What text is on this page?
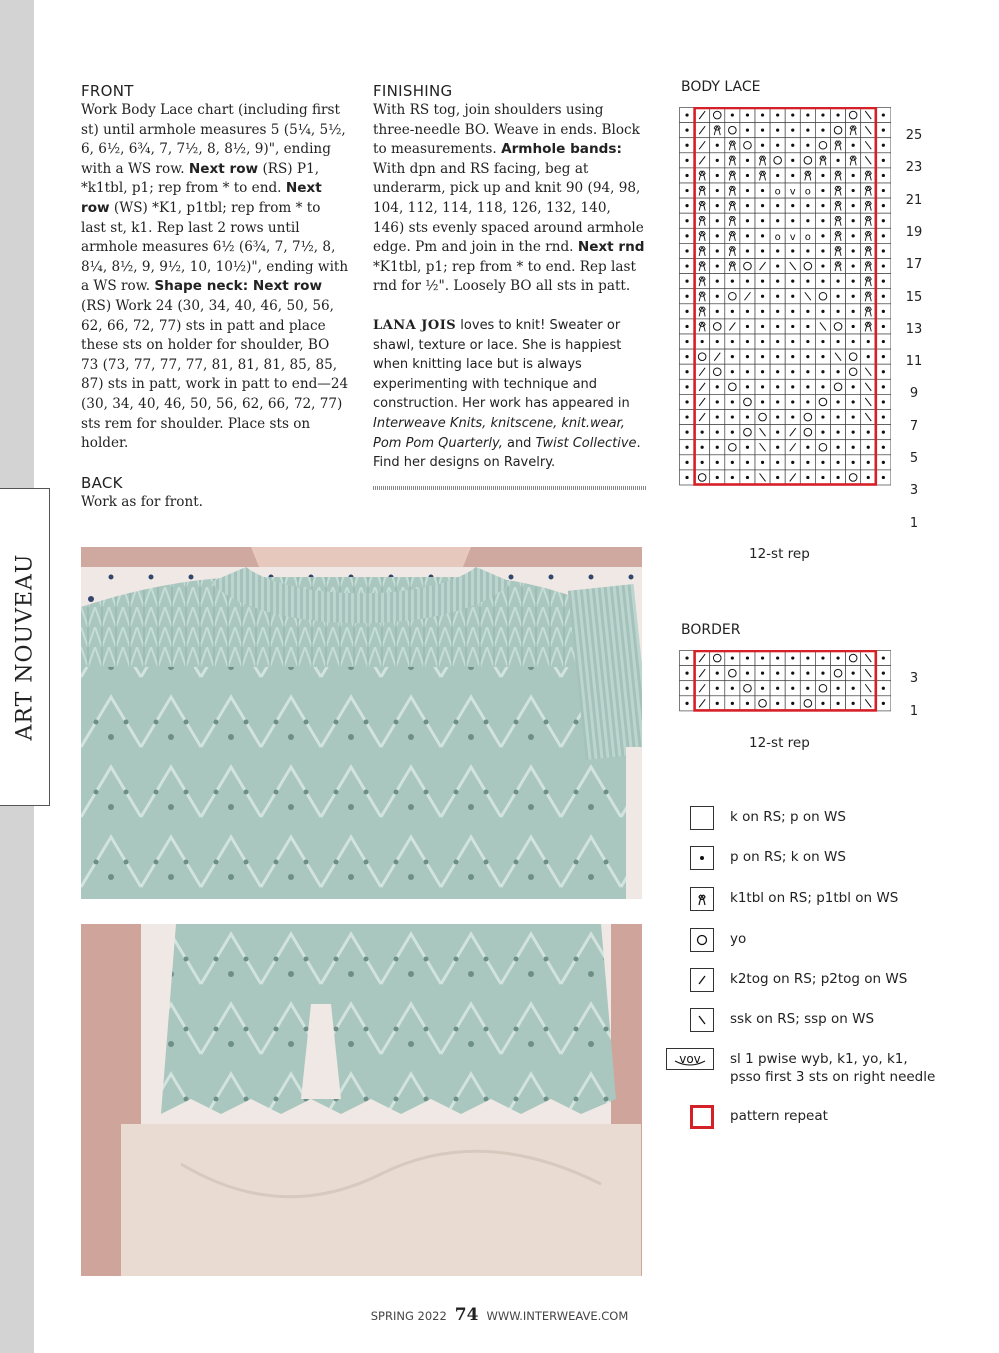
ART NOUVEAU
FRONT

Work Body Lace chart (including first st) until armhole measures 5 (5¼, 5½, 6, 6½, 6¾, 7, 7½, 8, 8½, 9)", ending with a WS row. Next row (RS) P1, *k1tbl, p1; rep from * to end. Next row (WS) *K1, p1tbl; rep from * to last st, k1. Rep last 2 rows until armhole measures 6½ (6¾, 7, 7½, 8, 8¼, 8½, 9, 9½, 10, 10½)", ending with a WS row. Shape neck: Next row (RS) Work 24 (30, 34, 40, 46, 50, 56, 62, 66, 72, 77) sts in patt and place these sts on holder for shoulder, BO 73 (73, 77, 77, 77, 81, 81, 81, 85, 85, 87) sts in patt, work in patt to end—24 (30, 34, 40, 46, 50, 56, 62, 66, 72, 77) sts rem for shoulder. Place sts on holder.

BACK

Work as for front.

FINISHING

With RS tog, join shoulders using three-needle BO. Weave in ends. Block to measurements. Armhole bands: With dpn and RS facing, beg at underarm, pick up and knit 90 (94, 98, 104, 112, 114, 118, 126, 132, 140, 146) sts evenly spaced around armhole edge. Pm and join in the rnd. Next rnd *K1tbl, p1; rep from * to end. Rep last rnd for ½". Loosely BO all sts in patt.

LANA JOIS loves to knit! Sweater or shawl, texture or lace. She is happiest when knitting lace but is always experimenting with technique and construction. Her work has appeared in Interweave Knits, knitscene, knit.wear, Pom Pom Quarterly, and Twist Collective. Find her designs on Ravelry.

BODY LACE
o v o
o v o
25
23
21
19
17
15
13
11
9
7
5
3
1
12-st rep
BORDER
3
1
12-st rep
k on RS; p on WS
p on RS; k on WS
k1tbl on RS; p1tbl on WS
yo
k2tog on RS; p2tog on WS
ssk on RS; ssp on WS
vov sl 1 pwise wyb, k1, yo, k1,
psso first 3 sts on right needle
pattern repeat
SPRING 2022 74 WWW.INTERWEAVE.COM
